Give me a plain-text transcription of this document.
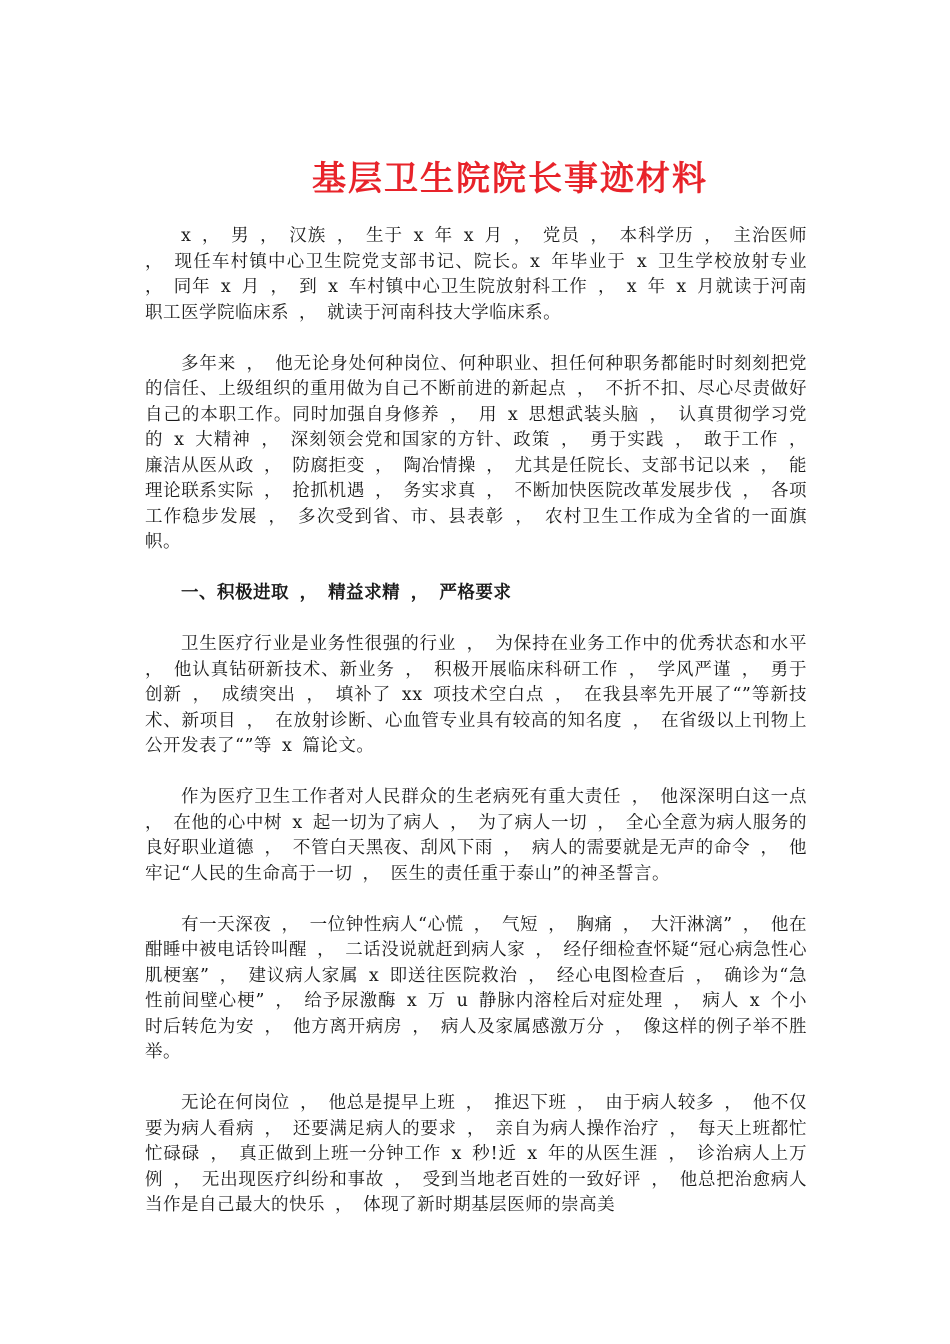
基层卫生院院长事迹材料

x ， 男 ， 汉族 ， 生于 x 年 x 月 ， 党员 ， 本科学历 ， 主治医师 ， 现任车村镇中心卫生院党支部书记、院长。x 年毕业于 x 卫生学校放射专业 ， 同年 x 月 ， 到 x 车村镇中心卫生院放射科工作 ， x 年 x 月就读于河南职工医学院临床系 ， 就读于河南科技大学临床系。

多年来 ， 他无论身处何种岗位、何种职业、担任何种职务都能时时刻刻把党的信任、上级组织的重用做为自己不断前进的新起点 ， 不折不扣、尽心尽责做好自己的本职工作。同时加强自身修养 ， 用 x 思想武装头脑 ， 认真贯彻学习党的 x 大精神 ， 深刻领会党和国家的方针、政策 ， 勇于实践 ， 敢于工作 ， 廉洁从医从政 ， 防腐拒变 ， 陶冶情操 ， 尤其是任院长、支部书记以来 ， 能理论联系实际 ， 抢抓机遇 ， 务实求真 ， 不断加快医院改革发展步伐 ， 各项工作稳步发展 ， 多次受到省、市、县表彰 ， 农村卫生工作成为全省的一面旗帜。

一、积极进取 ， 精益求精 ， 严格要求

卫生医疗行业是业务性很强的行业 ， 为保持在业务工作中的优秀状态和水平 ， 他认真钻研新技术、新业务 ， 积极开展临床科研工作 ， 学风严谨 ， 勇于创新 ， 成绩突出 ， 填补了 xx 项技术空白点 ， 在我县率先开展了“”等新技术、新项目 ， 在放射诊断、心血管专业具有较高的知名度 ， 在省级以上刊物上公开发表了“”等 x 篇论文。

作为医疗卫生工作者对人民群众的生老病死有重大责任 ， 他深深明白这一点 ， 在他的心中树 x 起一切为了病人 ， 为了病人一切 ， 全心全意为病人服务的良好职业道德 ， 不管白天黑夜、刮风下雨 ， 病人的需要就是无声的命令 ， 他牢记“人民的生命高于一切 ， 医生的责任重于泰山”的神圣誓言。

有一天深夜 ， 一位钟性病人“心慌 ， 气短 ， 胸痛 ， 大汗淋漓” ， 他在酣睡中被电话铃叫醒 ， 二话没说就赶到病人家 ， 经仔细检查怀疑“冠心病急性心肌梗塞” ， 建议病人家属 x 即送往医院救治 ， 经心电图检查后 ， 确诊为“急性前间壁心梗” ， 给予尿激酶 x 万 u 静脉内溶栓后对症处理 ， 病人 x 个小时后转危为安 ， 他方离开病房 ， 病人及家属感激万分 ， 像这样的例子举不胜举。

无论在何岗位 ， 他总是提早上班 ， 推迟下班 ， 由于病人较多 ， 他不仅要为病人看病 ， 还要满足病人的要求 ， 亲自为病人操作治疗 ， 每天上班都忙忙碌碌 ， 真正做到上班一分钟工作 x 秒!近 x 年的从医生涯 ， 诊治病人上万例 ， 无出现医疗纠纷和事故 ， 受到当地老百姓的一致好评 ， 他总把治愈病人当作是自己最大的快乐 ， 体现了新时期基层医师的崇高美
